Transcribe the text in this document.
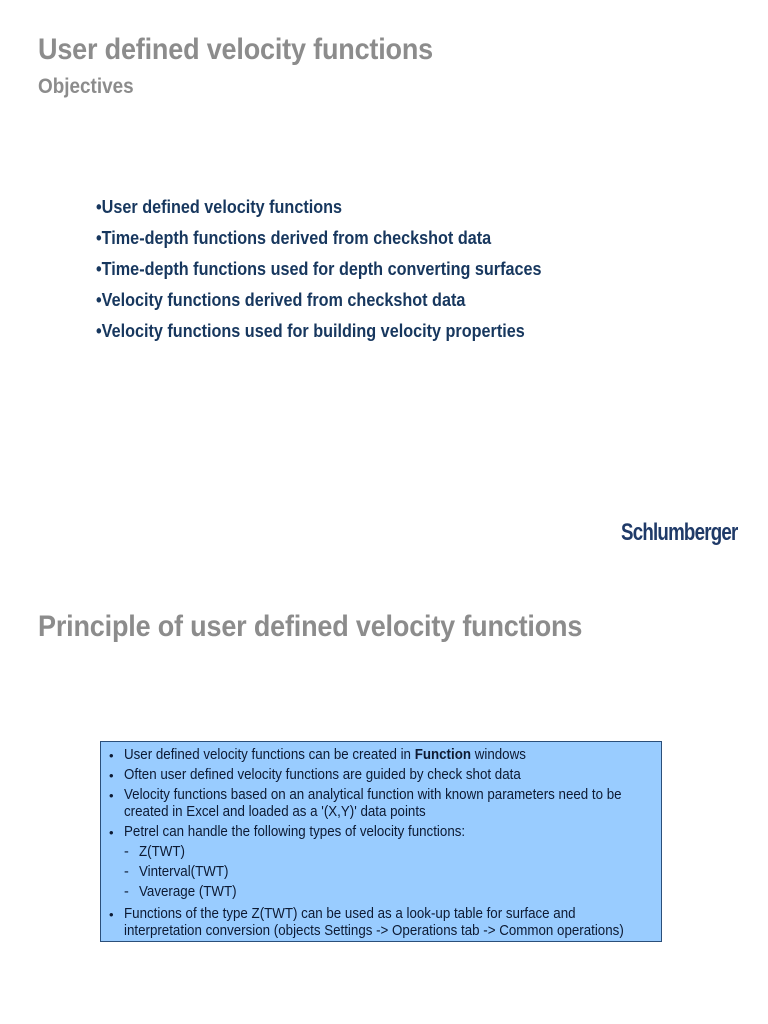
User defined velocity functions
Objectives
•User defined velocity functions
•Time-depth functions derived from checkshot data
•Time-depth functions used for depth converting surfaces
•Velocity functions derived from checkshot data
•Velocity functions used for building velocity properties
Schlumberger
Principle of user defined velocity functions
• User defined velocity functions can be created in Function windows
• Often user defined velocity functions are guided by check shot data
• Velocity functions based on an analytical function with known parameters need to be
created in Excel and loaded as a '(X,Y)' data points
• Petrel can handle the following types of velocity functions:
- Z(TWT)
- Vinterval(TWT)
- Vaverage (TWT)
• Functions of the type Z(TWT) can be used as a look-up table for surface and
interpretation conversion (objects Settings -> Operations tab -> Common operations)
